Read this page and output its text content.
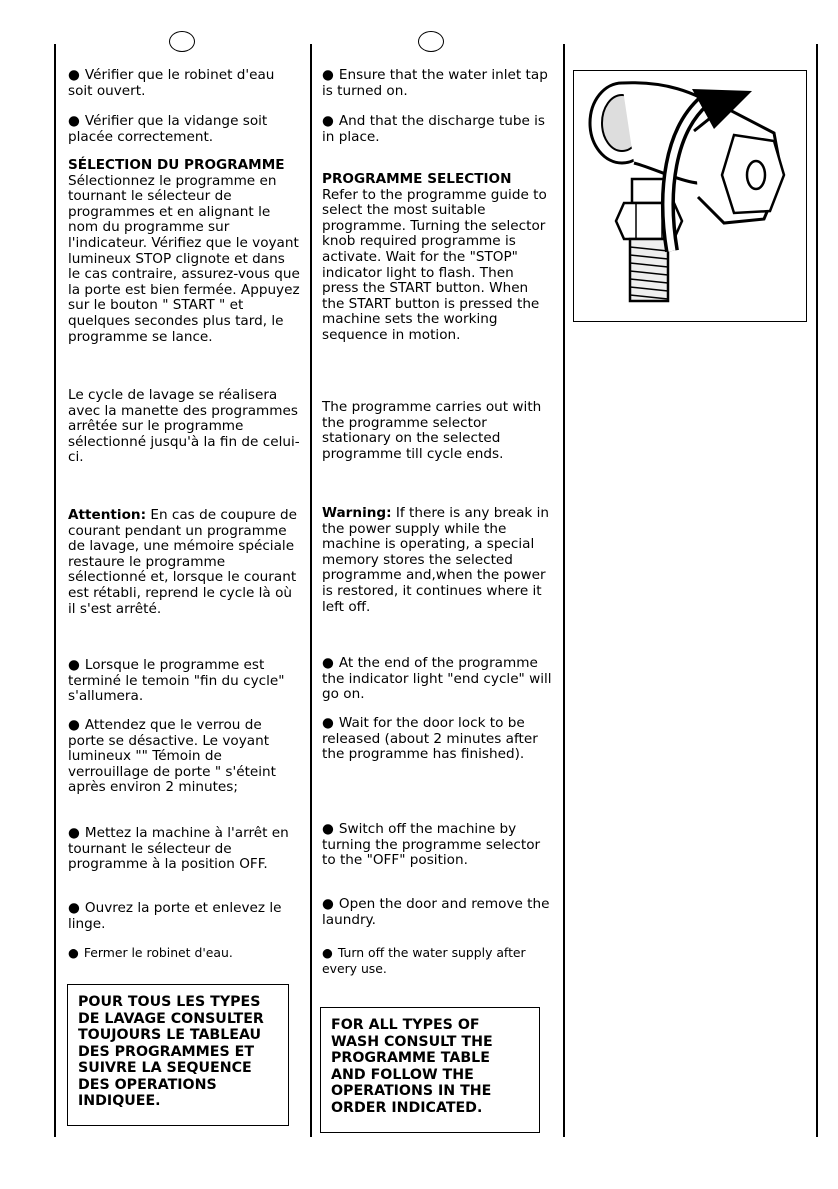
● Vérifier que le robinet d'eau soit ouvert.

● Vérifier que la vidange soit placée correctement.

SÉLECTION DU PROGRAMME

Sélectionnez le programme en tournant le sélecteur de programmes et en alignant le nom du programme sur l'indicateur. Vérifiez que le voyant lumineux STOP clignote et dans le cas contraire, assurez-vous que la porte est bien fermée. Appuyez sur le bouton " START " et quelques secondes plus tard, le programme se lance.

Le cycle de lavage se réalisera avec la manette des programmes arrêtée sur le programme sélectionné jusqu'à la fin de celui-ci.

Attention: En cas de coupure de courant pendant un programme de lavage, une mémoire spéciale restaure le programme sélectionné et, lorsque le courant est rétabli, reprend le cycle là où il s'est arrêté.

● Lorsque le programme est terminé le temoin "fin du cycle" s'allumera.

● Attendez que le verrou de porte se désactive. Le voyant lumineux "" Témoin de verrouillage de porte " s'éteint après environ 2 minutes;

● Mettez la machine à l'arrêt en tournant le sélecteur de programme à la position OFF.

● Ouvrez la porte et enlevez le linge.

● Fermer le robinet d'eau.

POUR TOUS LES TYPES DE LAVAGE CONSULTER TOUJOURS LE TABLEAU DES PROGRAMMES ET SUIVRE LA SEQUENCE DES OPERATIONS INDIQUEE.

● Ensure that the water inlet tap is turned on.

● And that the discharge tube is in place.

PROGRAMME SELECTION

Refer to the programme guide to select the most suitable programme. Turning the selector knob required programme is activate. Wait for the "STOP" indicator light to flash. Then press the START button. When the START button is pressed the machine sets the working sequence in motion.

The programme carries out with the programme selector stationary on the selected programme till cycle ends.

Warning: If there is any break in the power supply while the machine is operating, a special memory stores the selected programme and,when the power is restored, it continues where it left off.

● At the end of the programme the indicator light "end cycle" will go on.

● Wait for the door lock to be released (about 2 minutes after the programme has finished).

● Switch off the machine by turning the programme selector to the "OFF" position.

● Open the door and remove the laundry.

● Turn off the water supply after every use.

FOR ALL TYPES OF WASH CONSULT THE PROGRAMME TABLE AND FOLLOW THE OPERATIONS IN THE ORDER INDICATED.
